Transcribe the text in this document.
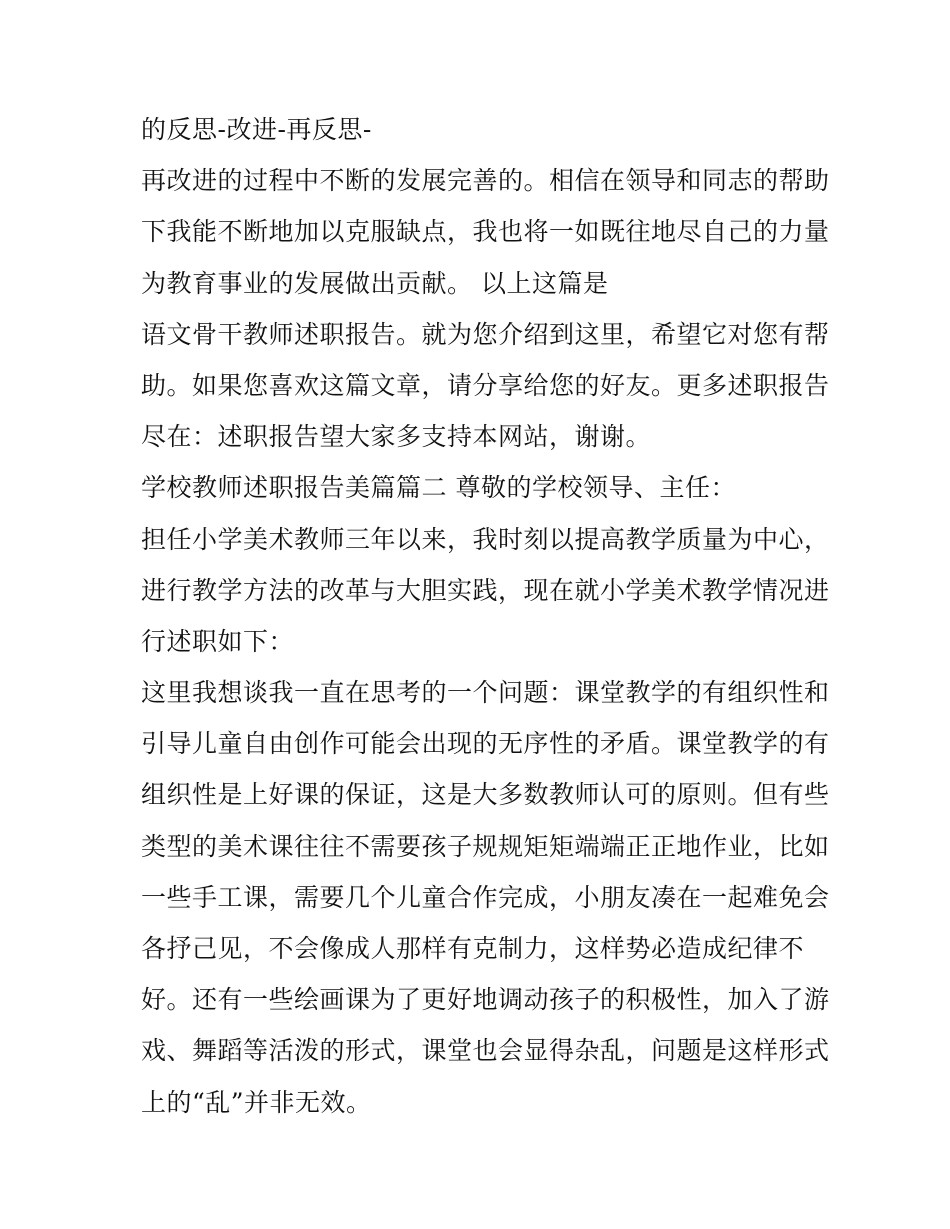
的反思-改进-再反思-
再改进的过程中不断的发展完善的。相信在领导和同志的帮助
下我能不断地加以克服缺点，我也将一如既往地尽自己的力量
为教育事业的发展做出贡献。 以上这篇是
语文骨干教师述职报告。就为您介绍到这里，希望它对您有帮
助。如果您喜欢这篇文章，请分享给您的好友。更多述职报告
尽在：述职报告望大家多支持本网站，谢谢。
学校教师述职报告美篇篇二 尊敬的学校领导、主任：
担任小学美术教师三年以来，我时刻以提高教学质量为中心，
进行教学方法的改革与大胆实践，现在就小学美术教学情况进
行述职如下：
这里我想谈我一直在思考的一个问题：课堂教学的有组织性和
引导儿童自由创作可能会出现的无序性的矛盾。课堂教学的有
组织性是上好课的保证，这是大多数教师认可的原则。但有些
类型的美术课往往不需要孩子规规矩矩端端正正地作业，比如
一些手工课，需要几个儿童合作完成，小朋友凑在一起难免会
各抒己见，不会像成人那样有克制力，这样势必造成纪律不
好。还有一些绘画课为了更好地调动孩子的积极性，加入了游
戏、舞蹈等活泼的形式，课堂也会显得杂乱，问题是这样形式
上的“乱”并非无效。
